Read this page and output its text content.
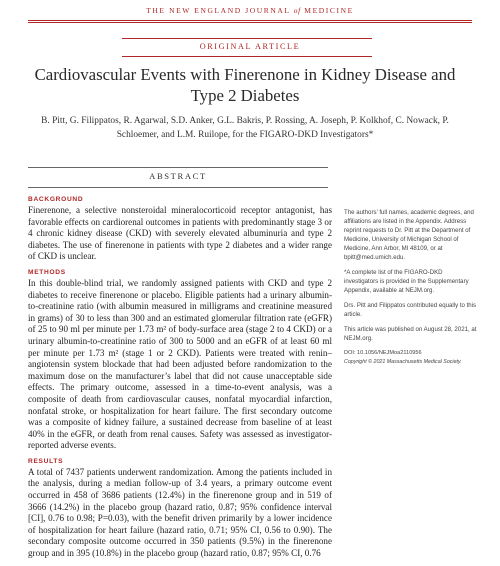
THE NEW ENGLAND JOURNAL of MEDICINE
ORIGINAL ARTICLE
Cardiovascular Events with Finerenone in Kidney Disease and Type 2 Diabetes
B. Pitt, G. Filippatos, R. Agarwal, S.D. Anker, G.L. Bakris, P. Rossing, A. Joseph, P. Kolkhof, C. Nowack, P. Schloemer, and L.M. Ruilope, for the FIGARO-DKD Investigators*
ABSTRACT
BACKGROUND

Finerenone, a selective nonsteroidal mineralocorticoid receptor antagonist, has favorable effects on cardiorenal outcomes in patients with predominantly stage 3 or 4 chronic kidney disease (CKD) with severely elevated albuminuria and type 2 diabetes. The use of finerenone in patients with type 2 diabetes and a wider range of CKD is unclear.

METHODS

In this double-blind trial, we randomly assigned patients with CKD and type 2 diabetes to receive finerenone or placebo. Eligible patients had a urinary albumin-to-creatinine ratio (with albumin measured in milligrams and creatinine measured in grams) of 30 to less than 300 and an estimated glomerular filtration rate (eGFR) of 25 to 90 ml per minute per 1.73 m² of body-surface area (stage 2 to 4 CKD) or a urinary albumin-to-creatinine ratio of 300 to 5000 and an eGFR of at least 60 ml per minute per 1.73 m² (stage 1 or 2 CKD). Patients were treated with renin–angiotensin system blockade that had been adjusted before randomization to the maximum dose on the manufacturer’s label that did not cause unacceptable side effects. The primary outcome, assessed in a time-to-event analysis, was a composite of death from cardiovascular causes, nonfatal myocardial infarction, nonfatal stroke, or hospitalization for heart failure. The first secondary outcome was a composite of kidney failure, a sustained decrease from baseline of at least 40% in the eGFR, or death from renal causes. Safety was assessed as investigator-reported adverse events.

RESULTS

A total of 7437 patients underwent randomization. Among the patients included in the analysis, during a median follow-up of 3.4 years, a primary outcome event occurred in 458 of 3686 patients (12.4%) in the finerenone group and in 519 of 3666 (14.2%) in the placebo group (hazard ratio, 0.87; 95% confidence interval [CI], 0.76 to 0.98; P=0.03), with the benefit driven primarily by a lower incidence of hospitalization for heart failure (hazard ratio, 0.71; 95% CI, 0.56 to 0.90). The secondary composite outcome occurred in 350 patients (9.5%) in the finerenone group and in 395 (10.8%) in the placebo group (hazard ratio, 0.87; 95% CI, 0.76

The authors’ full names, academic degrees, and affiliations are listed in the Appendix. Address reprint requests to Dr. Pitt at the Department of Medicine, University of Michigan School of Medicine, Ann Arbor, MI 48109, or at bpitt@med.umich.edu.

*A complete list of the FIGARO-DKD investigators is provided in the Supplementary Appendix, available at NEJM.org.

Drs. Pitt and Filippatos contributed equally to this article.

This article was published on August 28, 2021, at NEJM.org.

DOI: 10.1056/NEJMoa2110956

Copyright © 2021 Massachusetts Medical Society.
